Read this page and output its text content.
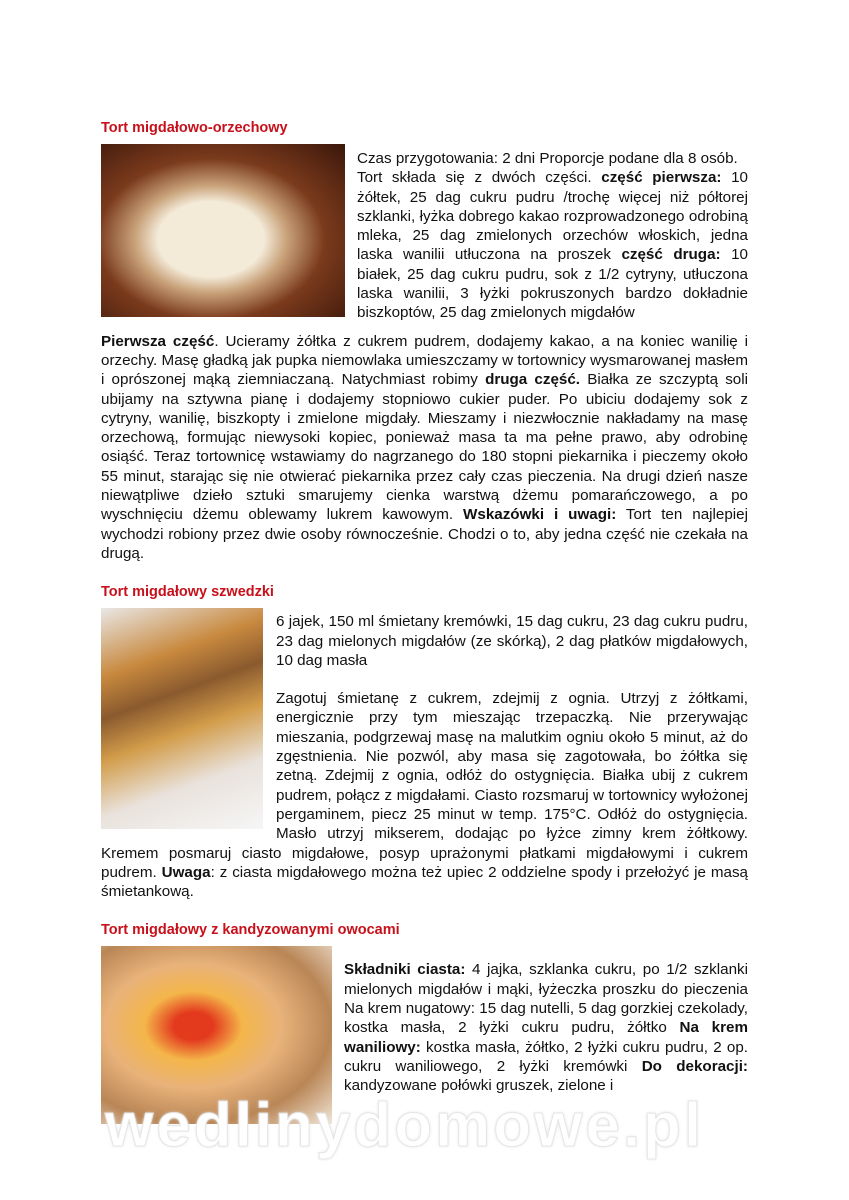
Tort migdałowo-orzechowy

Czas przygotowania: 2 dni Proporcje podane dla 8 osób.

Tort składa się z dwóch części. część pierwsza: 10 żółtek, 25 dag cukru pudru /trochę więcej niż półtorej szklanki, łyżka dobrego kakao rozprowadzonego odrobiną mleka, 25 dag zmielonych orzechów włoskich, jedna laska wanilii utłuczona na proszek część druga: 10 białek, 25 dag cukru pudru, sok z 1/2 cytryny, utłuczona laska wanilii, 3 łyżki pokruszonych bardzo dokładnie biszkoptów, 25 dag zmielonych migdałów

Pierwsza część. Ucieramy żółtka z cukrem pudrem, dodajemy kakao, a na koniec wanilię i orzechy. Masę gładką jak pupka niemowlaka umieszczamy w tortownicy wysmarowanej masłem i oprószonej mąką ziemniaczaną. Natychmiast robimy druga część. Białka ze szczyptą soli ubijamy na sztywna pianę i dodajemy stopniowo cukier puder. Po ubiciu dodajemy sok z cytryny, wanilię, biszkopty i zmielone migdały. Mieszamy i niezwłocznie nakładamy na masę orzechową, formując niewysoki kopiec, ponieważ masa ta ma pełne prawo, aby odrobinę osiąść. Teraz tortownicę wstawiamy do nagrzanego do 180 stopni piekarnika i pieczemy około 55 minut, starając się nie otwierać piekarnika przez cały czas pieczenia. Na drugi dzień nasze niewątpliwe dzieło sztuki smarujemy cienka warstwą dżemu pomarańczowego, a po wyschnięciu dżemu oblewamy lukrem kawowym. Wskazówki i uwagi: Tort ten najlepiej wychodzi robiony przez dwie osoby równocześnie. Chodzi o to, aby jedna część nie czekała na drugą.

Tort migdałowy szwedzki

6 jajek, 150 ml śmietany kremówki, 15 dag cukru, 23 dag cukru pudru, 23 dag mielonych migdałów (ze skórką), 2 dag płatków migdałowych, 10 dag masła

Zagotuj śmietanę z cukrem, zdejmij z ognia. Utrzyj z żółtkami, energicznie przy tym mieszając trzepaczką. Nie przerywając mieszania, podgrzewaj masę na malutkim ogniu około 5 minut, aż do zgęstnienia. Nie pozwól, aby masa się zagotowała, bo żółtka się zetną. Zdejmij z ognia, odłóż do ostygnięcia. Białka ubij z cukrem pudrem, połącz z migdałami. Ciasto rozsmaruj w tortownicy wyłożonej pergaminem, piecz 25 minut w temp. 175°C. Odłóż do ostygnięcia. Masło utrzyj mikserem, dodając po łyżce zimny krem żółtkowy. Kremem posmaruj ciasto migdałowe, posyp uprażonymi płatkami migdałowymi i cukrem pudrem. Uwaga: z ciasta migdałowego można też upiec 2 oddzielne spody i przełożyć je masą śmietankową.

Tort migdałowy z kandyzowanymi owocami

Składniki ciasta: 4 jajka, szklanka cukru, po 1/2 szklanki mielonych migdałów i mąki, łyżeczka proszku do pieczenia Na krem nugatowy: 15 dag nutelli, 5 dag gorzkiej czekolady, kostka masła, 2 łyżki cukru pudru, żółtko Na krem waniliowy: kostka masła, żółtko, 2 łyżki cukru pudru, 2 op. cukru waniliowego, 2 łyżki kremówki Do dekoracji: kandyzowane połówki gruszek, zielone i

wedlinydomowe.pl
